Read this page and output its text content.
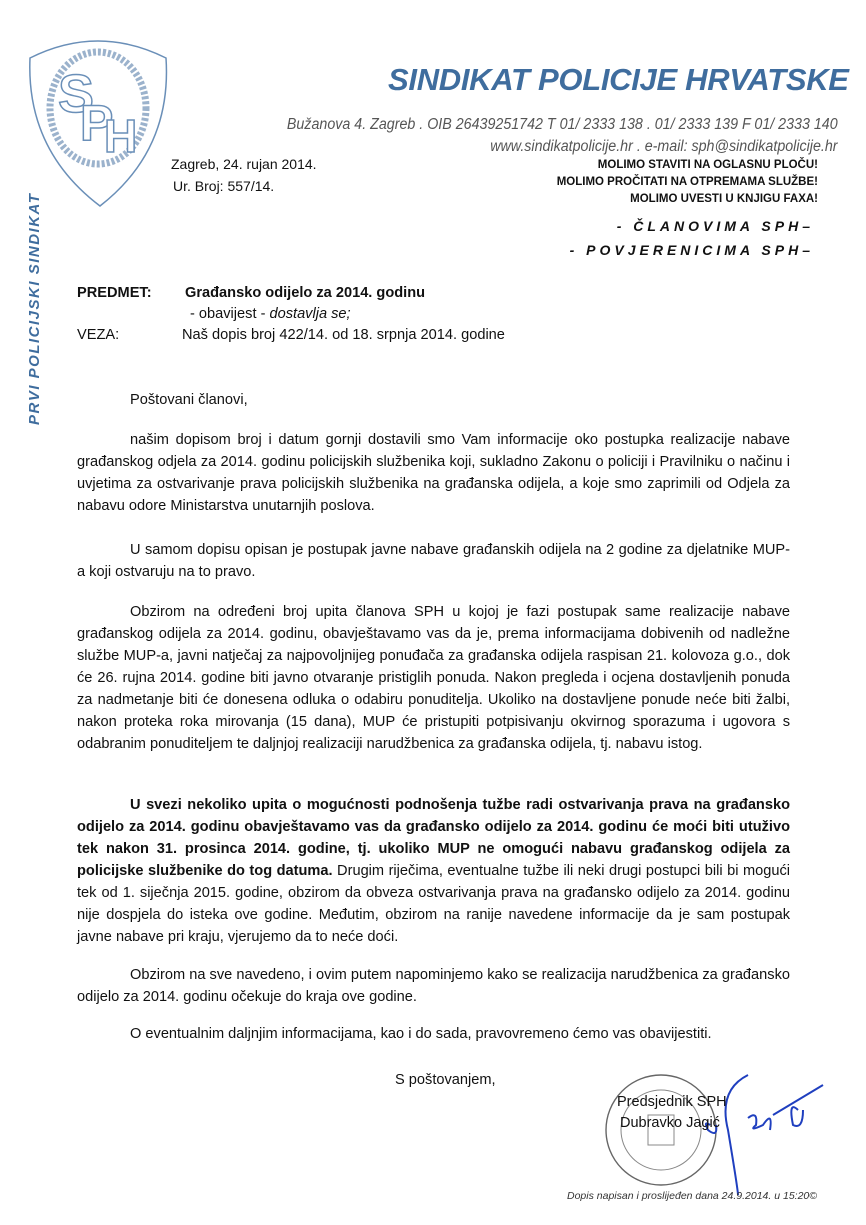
S
P
H
PRVI POLICIJSKI SINDIKAT
SINDIKAT POLICIJE HRVATSKE
Bužanova 4. Zagreb . OIB 26439251742 T 01/ 2333 138 . 01/ 2333 139 F 01/ 2333 140
www.sindikatpolicije.hr . e-mail: sph@sindikatpolicije.hr
Zagreb, 24. rujan 2014.
Ur. Broj: 557/14.
MOLIMO STAVITI NA OGLASNU PLOČU!
MOLIMO PROČITATI NA OTPREMAMA SLUŽBE!
MOLIMO UVESTI U KNJIGU FAXA!
- ČLANOVIMA SPH–
- POVJERENICIMA SPH–
PREDMET: Građansko odijelo za 2014. godinu
- obavijest - dostavlja se;
VEZA:	Naš dopis broj 422/14. od 18. srpnja 2014. godine
Poštovani članovi,
našim dopisom broj i datum gornji dostavili smo Vam informacije oko postupka realizacije nabave građanskog odjela za 2014. godinu policijskih službenika koji, sukladno Zakonu o policiji i Pravilniku o načinu i uvjetima za ostvarivanje prava policijskih službenika na građanska odijela, a koje smo zaprimili od Odjela za nabavu odore Ministarstva unutarnjih poslova.
U samom dopisu opisan je postupak javne nabave građanskih odijela na 2 godine za djelatnike MUP-a koji ostvaruju na to pravo.
Obzirom na određeni broj upita članova SPH u kojoj je fazi postupak same realizacije nabave građanskog odijela za 2014. godinu, obavještavamo vas da je, prema informacijama dobivenih od nadležne službe MUP-a, javni natječaj za najpovoljnijeg ponuđača za građanska odijela raspisan 21. kolovoza g.o., dok će 26. rujna 2014. godine biti javno otvaranje pristiglih ponuda. Nakon pregleda i ocjena dostavljenih ponuda za nadmetanje biti će donesena odluka o odabiru ponuditelja. Ukoliko na dostavljene ponude neće biti žalbi, nakon proteka roka mirovanja (15 dana), MUP će pristupiti potpisivanju okvirnog sporazuma i ugovora s odabranim ponuditeljem te daljnjoj realizaciji narudžbenica za građanska odijela, tj. nabavu istog.
U svezi nekoliko upita o mogućnosti podnošenja tužbe radi ostvarivanja prava na građansko odijelo za 2014. godinu obavještavamo vas da građansko odijelo za 2014. godinu će moći biti utuživo tek nakon 31. prosinca 2014. godine, tj. ukoliko MUP ne omogući nabavu građanskog odijela za policijske službenike do tog datuma. Drugim riječima, eventualne tužbe ili neki drugi postupci bili bi mogući tek od 1. siječnja 2015. godine, obzirom da obveza ostvarivanja prava na građansko odijelo za 2014. godinu nije dospjela do isteka ove godine. Međutim, obzirom na ranije navedene informacije da je sam postupak javne nabave pri kraju, vjerujemo da to neće doći.
Obzirom na sve navedeno, i ovim putem napominjemo kako se realizacija narudžbenica za građansko odijelo za 2014. godinu očekuje do kraja ove godine.
O eventualnim daljnjim informacijama, kao i do sada, pravovremeno ćemo vas obavijestiti.
S poštovanjem,
Predsjednik SPH
Dubravko Jagić
Dopis napisan i proslijeđen dana 24.9.2014. u 15:20©
